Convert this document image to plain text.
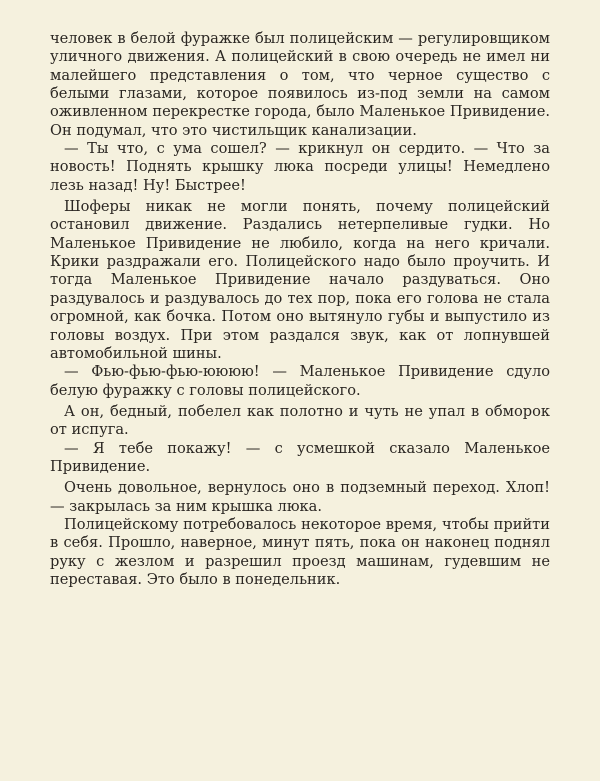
человек в белой фуражке был полицейским — регулировщиком уличного движения. А полицейский в свою очередь не имел ни малейшего представления о том, что черное существо с белыми глазами, которое появилось из-под земли на самом оживленном перекрестке города, было Маленькое Привидение. Он подумал, что это чистильщик канализации.

— Ты что, с ума сошел? — крикнул он сердито. — Что за новость! Поднять крышку люка посреди улицы! Немедлено лезь назад! Ну! Быстрее!

Шоферы никак не могли понять, почему полицейский остановил движение. Раздались нетерпеливые гудки. Но Маленькое Привидение не любило, когда на него кричали. Крики раздражали его. Полицейского надо было проучить. И тогда Маленькое Привидение начало раздуваться. Оно раздувалось и раздувалось до тех пор, пока его голова не стала огромной, как бочка. Потом оно вытянуло губы и выпустило из головы воздух. При этом раздался звук, как от лопнувшей автомобильной шины.

— Фью-фью-фью-юююю! — Маленькое Привидение сдуло белую фуражку с головы полицейского.

А он, бедный, побелел как полотно и чуть не упал в обморок от испуга.

— Я тебе покажу! — с усмешкой сказало Маленькое Привидение.

Очень довольное, вернулось оно в подземный переход. Хлоп! — закрылась за ним крышка люка.

Полицейскому потребовалось некоторое время, чтобы прийти в себя. Прошло, наверное, минут пять, пока он наконец поднял руку с жезлом и разрешил проезд машинам, гудевшим не переставая. Это было в понедельник.
